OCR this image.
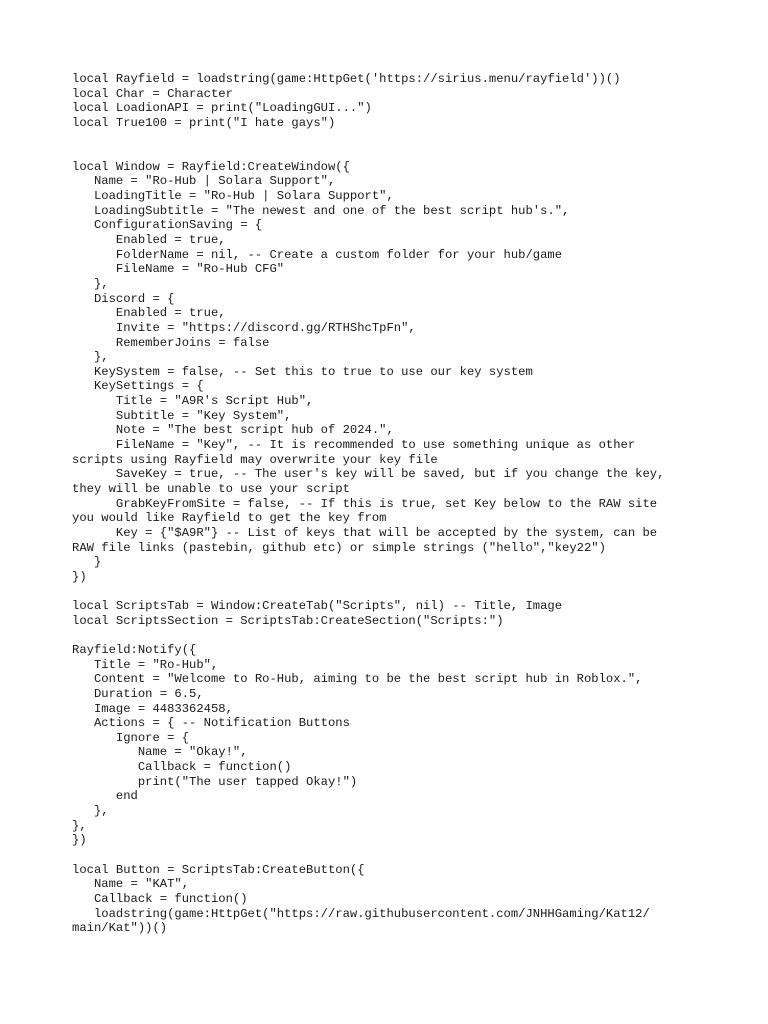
local Rayfield = loadstring(game:HttpGet('https://sirius.menu/rayfield'))()
local Char = Character
local LoadionAPI = print("LoadingGUI...")
local True100 = print("I hate gays")
local Window = Rayfield:CreateWindow({
Name = "Ro-Hub | Solara Support",
LoadingTitle = "Ro-Hub | Solara Support",
LoadingSubtitle = "The newest and one of the best script hub's.",
ConfigurationSaving = {
Enabled = true,
FolderName = nil, -- Create a custom folder for your hub/game
FileName = "Ro-Hub CFG"
},
Discord = {
Enabled = true,
Invite = "https://discord.gg/RTHShcTpFn",
RememberJoins = false
},
KeySystem = false, -- Set this to true to use our key system
KeySettings = {
Title = "A9R's Script Hub",
Subtitle = "Key System",
Note = "The best script hub of 2024.",
FileName = "Key", -- It is recommended to use something unique as other
scripts using Rayfield may overwrite your key file
SaveKey = true, -- The user's key will be saved, but if you change the key,
they will be unable to use your script
GrabKeyFromSite = false, -- If this is true, set Key below to the RAW site
you would like Rayfield to get the key from
Key = {"$A9R"} -- List of keys that will be accepted by the system, can be
RAW file links (pastebin, github etc) or simple strings ("hello","key22")
}
})
local ScriptsTab = Window:CreateTab("Scripts", nil) -- Title, Image
local ScriptsSection = ScriptsTab:CreateSection("Scripts:")
Rayfield:Notify({
Title = "Ro-Hub",
Content = "Welcome to Ro-Hub, aiming to be the best script hub in Roblox.",
Duration = 6.5,
Image = 4483362458,
Actions = { -- Notification Buttons
Ignore = {
Name = "Okay!",
Callback = function()
print("The user tapped Okay!")
end
},
},
})
local Button = ScriptsTab:CreateButton({
Name = "KAT",
Callback = function()
loadstring(game:HttpGet("https://raw.githubusercontent.com/JNHHGaming/Kat12/
main/Kat"))()
